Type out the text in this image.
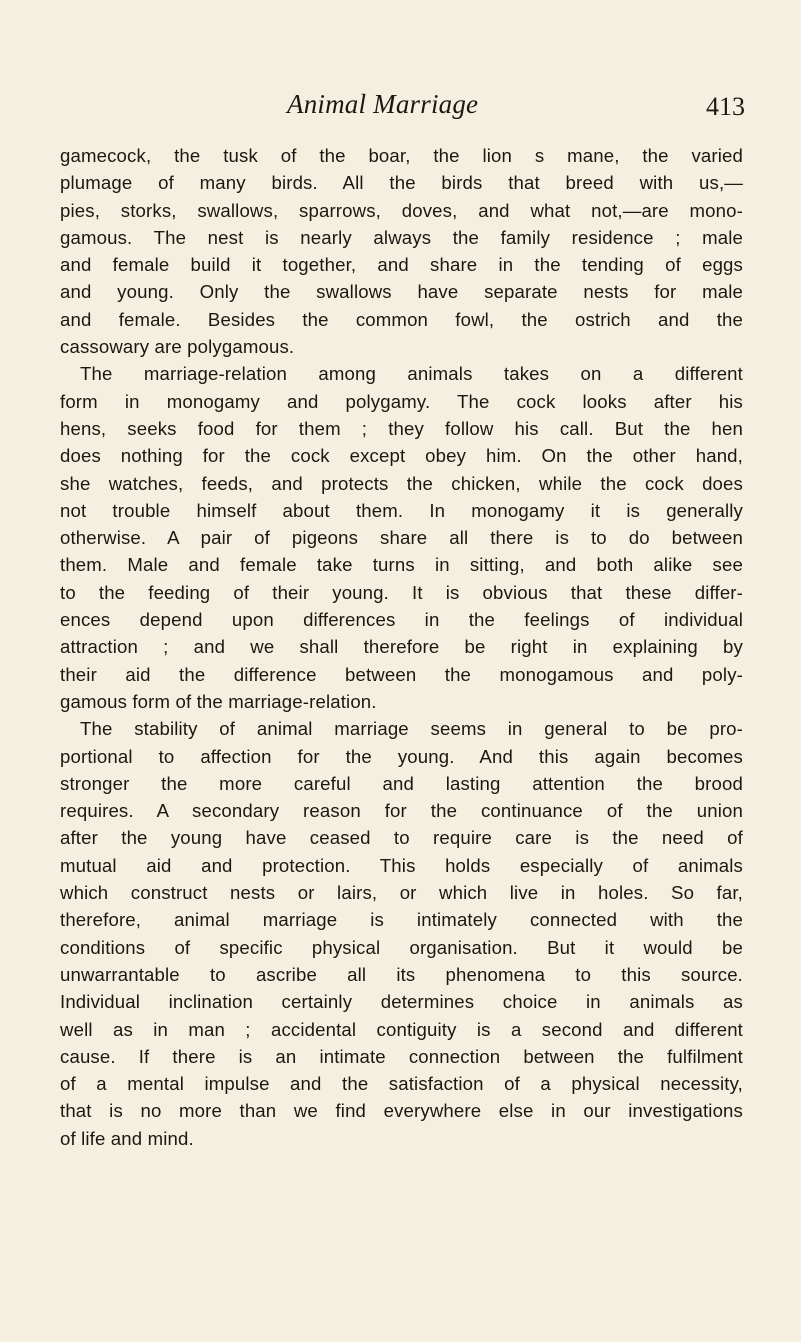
Animal Marriage	413
gamecock, the tusk of the boar, the lion s mane, the varied
plumage of many birds. All the birds that breed with us,—
pies, storks, swallows, sparrows, doves, and what not,—are mono-
gamous. The nest is nearly always the family residence ; male
and female build it together, and share in the tending of eggs
and young. Only the swallows have separate nests for male
and female. Besides the common fowl, the ostrich and the
cassowary are polygamous.
The marriage-relation among animals takes on a different
form in monogamy and polygamy. The cock looks after his
hens, seeks food for them ; they follow his call. But the hen
does nothing for the cock except obey him. On the other hand,
she watches, feeds, and protects the chicken, while the cock does
not trouble himself about them. In monogamy it is generally
otherwise. A pair of pigeons share all there is to do between
them. Male and female take turns in sitting, and both alike see
to the feeding of their young. It is obvious that these differ-
ences depend upon differences in the feelings of individual
attraction ; and we shall therefore be right in explaining by
their aid the difference between the monogamous and poly-
gamous form of the marriage-relation.
The stability of animal marriage seems in general to be pro-
portional to affection for the young. And this again becomes
stronger the more careful and lasting attention the brood
requires. A secondary reason for the continuance of the union
after the young have ceased to require care is the need of
mutual aid and protection. This holds especially of animals
which construct nests or lairs, or which live in holes. So far,
therefore, animal marriage is intimately connected with the
conditions of specific physical organisation. But it would be
unwarrantable to ascribe all its phenomena to this source.
Individual inclination certainly determines choice in animals as
well as in man ; accidental contiguity is a second and different
cause. If there is an intimate connection between the fulfilment
of a mental impulse and the satisfaction of a physical necessity,
that is no more than we find everywhere else in our investigations
of life and mind.
